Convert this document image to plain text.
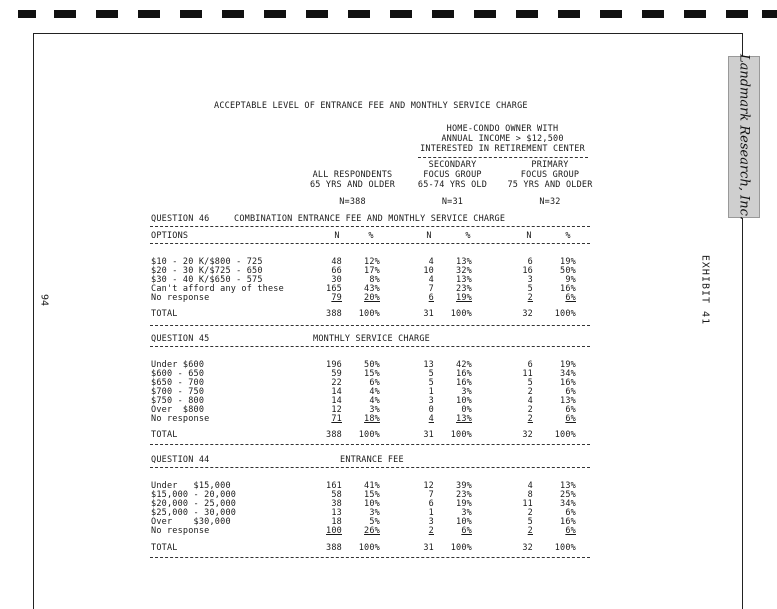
Landmark Research, Inc.
EXHIBIT 41
94
ACCEPTABLE LEVEL OF ENTRANCE FEE AND MONTHLY SERVICE CHARGE
HOME-CONDO OWNER WITH
ANNUAL INCOME > $12,500
INTERESTED IN RETIREMENT CENTER
ALL RESPONDENTS
65 YRS AND OLDER
SECONDARY
FOCUS GROUP
65-74 YRS OLD
PRIMARY
FOCUS GROUP
75 YRS AND OLDER
N=388	N=31	N=32
QUESTION 46	COMBINATION ENTRANCE FEE AND MONTHLY SERVICE CHARGE
OPTIONS	N	%	N	%	N	%
$10 - 20 K/$800 - 725	48	12%	4	13%	6	19%
$20 - 30 K/$725 - 650	66	17%	10	32%	16	50%
$30 - 40 K/$650 - 575	30	8%	4	13%	3	9%
Can't afford any of these	165	43%	7	23%	5	16%
No response	79	20%	6	19%	2	6%
TOTAL	388	100%	31	100%	32	100%
QUESTION 45	MONTHLY SERVICE CHARGE
Under $600	196	50%	13	42%	6	19%
$600 - 650	59	15%	5	16%	11	34%
$650 - 700	22	6%	5	16%	5	16%
$700 - 750	14	4%	1	3%	2	6%
$750 - 800	14	4%	3	10%	4	13%
Over  $800	12	3%	0	0%	2	6%
No response	71	18%	4	13%	2	6%
TOTAL	388	100%	31	100%	32	100%
QUESTION 44	ENTRANCE FEE
Under   $15,000	161	41%	12	39%	4	13%
$15,000 - 20,000	58	15%	7	23%	8	25%
$20,000 - 25,000	38	10%	6	19%	11	34%
$25,000 - 30,000	13	3%	1	3%	2	6%
Over    $30,000	18	5%	3	10%	5	16%
No response	100	26%	2	6%	2	6%
TOTAL	388	100%	31	100%	32	100%
